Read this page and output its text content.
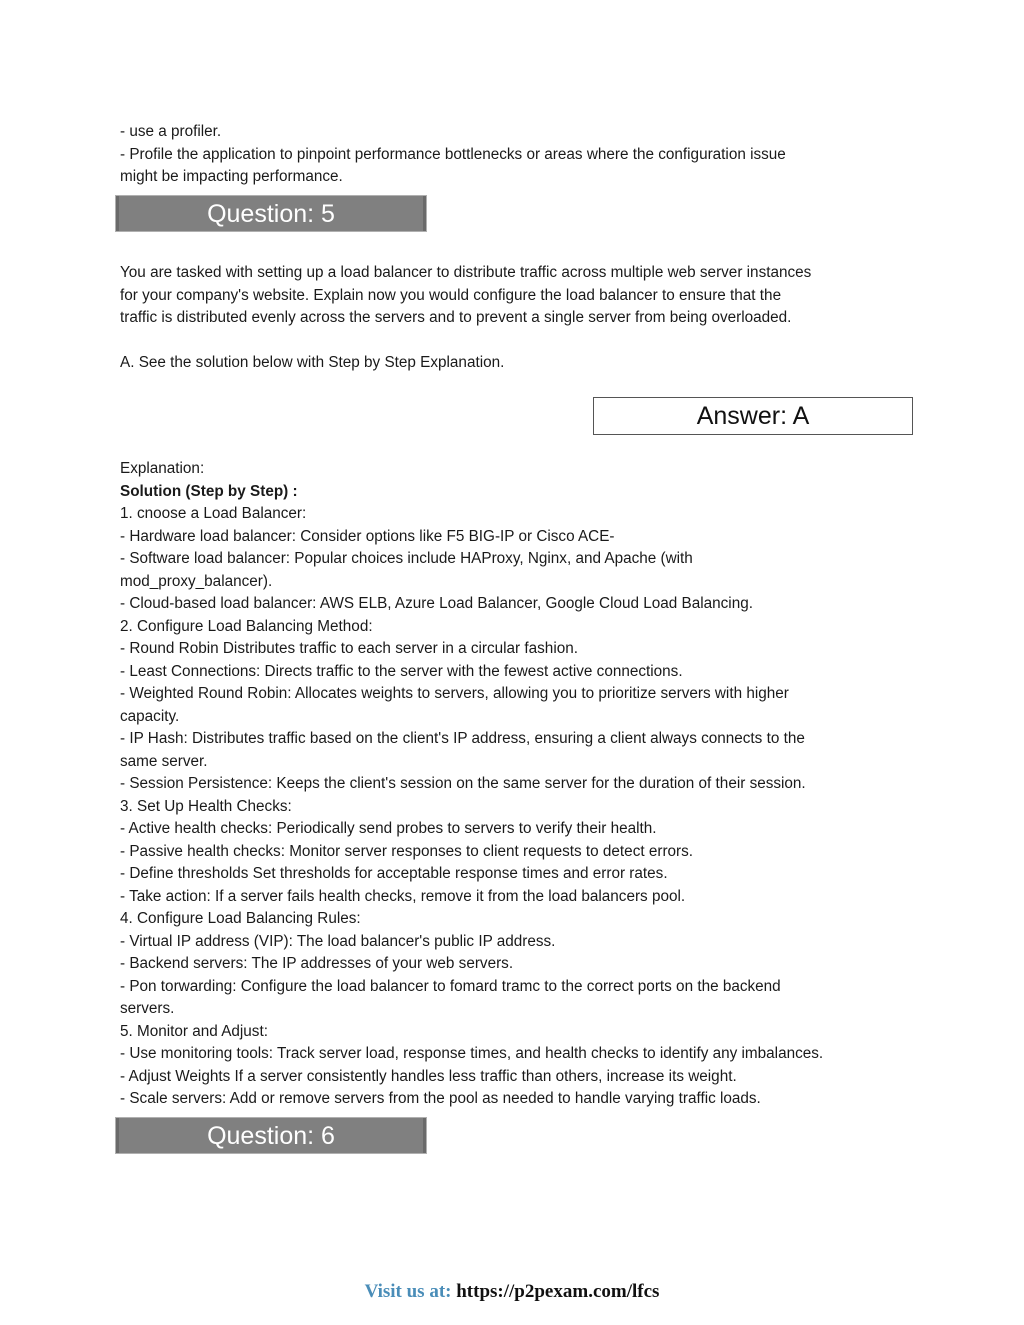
- use a profiler.

- Profile the application to pinpoint performance bottlenecks or areas where the configuration issue

might be impacting performance.

Question: 5

You are tasked with setting up a load balancer to distribute traffic across multiple web server instances

for your company's website. Explain now you would configure the load balancer to ensure that the

traffic is distributed evenly across the servers and to prevent a single server from being overloaded.

A. See the solution below with Step by Step Explanation.

Answer: A

Explanation:

Solution (Step by Step) :

1. cnoose a Load Balancer:

- Hardware load balancer: Consider options like F5 BIG-IP or Cisco ACE-

- Software load balancer: Popular choices include HAProxy, Nginx, and Apache (with

mod_proxy_balancer).

- Cloud-based load balancer: AWS ELB, Azure Load Balancer, Google Cloud Load Balancing.

2. Configure Load Balancing Method:

- Round Robin Distributes traffic to each server in a circular fashion.

- Least Connections: Directs traffic to the server with the fewest active connections.

- Weighted Round Robin: Allocates weights to servers, allowing you to prioritize servers with higher

capacity.

- IP Hash: Distributes traffic based on the client's IP address, ensuring a client always connects to the

same server.

- Session Persistence: Keeps the client's session on the same server for the duration of their session.

3. Set Up Health Checks:

- Active health checks: Periodically send probes to servers to verify their health.

- Passive health checks: Monitor server responses to client requests to detect errors.

- Define thresholds Set thresholds for acceptable response times and error rates.

- Take action: If a server fails health checks, remove it from the load balancers pool.

4. Configure Load Balancing Rules:

- Virtual IP address (VIP): The load balancer's public IP address.

- Backend servers: The IP addresses of your web servers.

- Pon torwarding: Configure the load balancer to fomard tramc to the correct ports on the backend

servers.

5. Monitor and Adjust:

- Use monitoring tools: Track server load, response times, and health checks to identify any imbalances.

- Adjust Weights If a server consistently handles less traffic than others, increase its weight.

- Scale servers: Add or remove servers from the pool as needed to handle varying traffic loads.

Question: 6
Visit us at: https://p2pexam.com/lfcs
